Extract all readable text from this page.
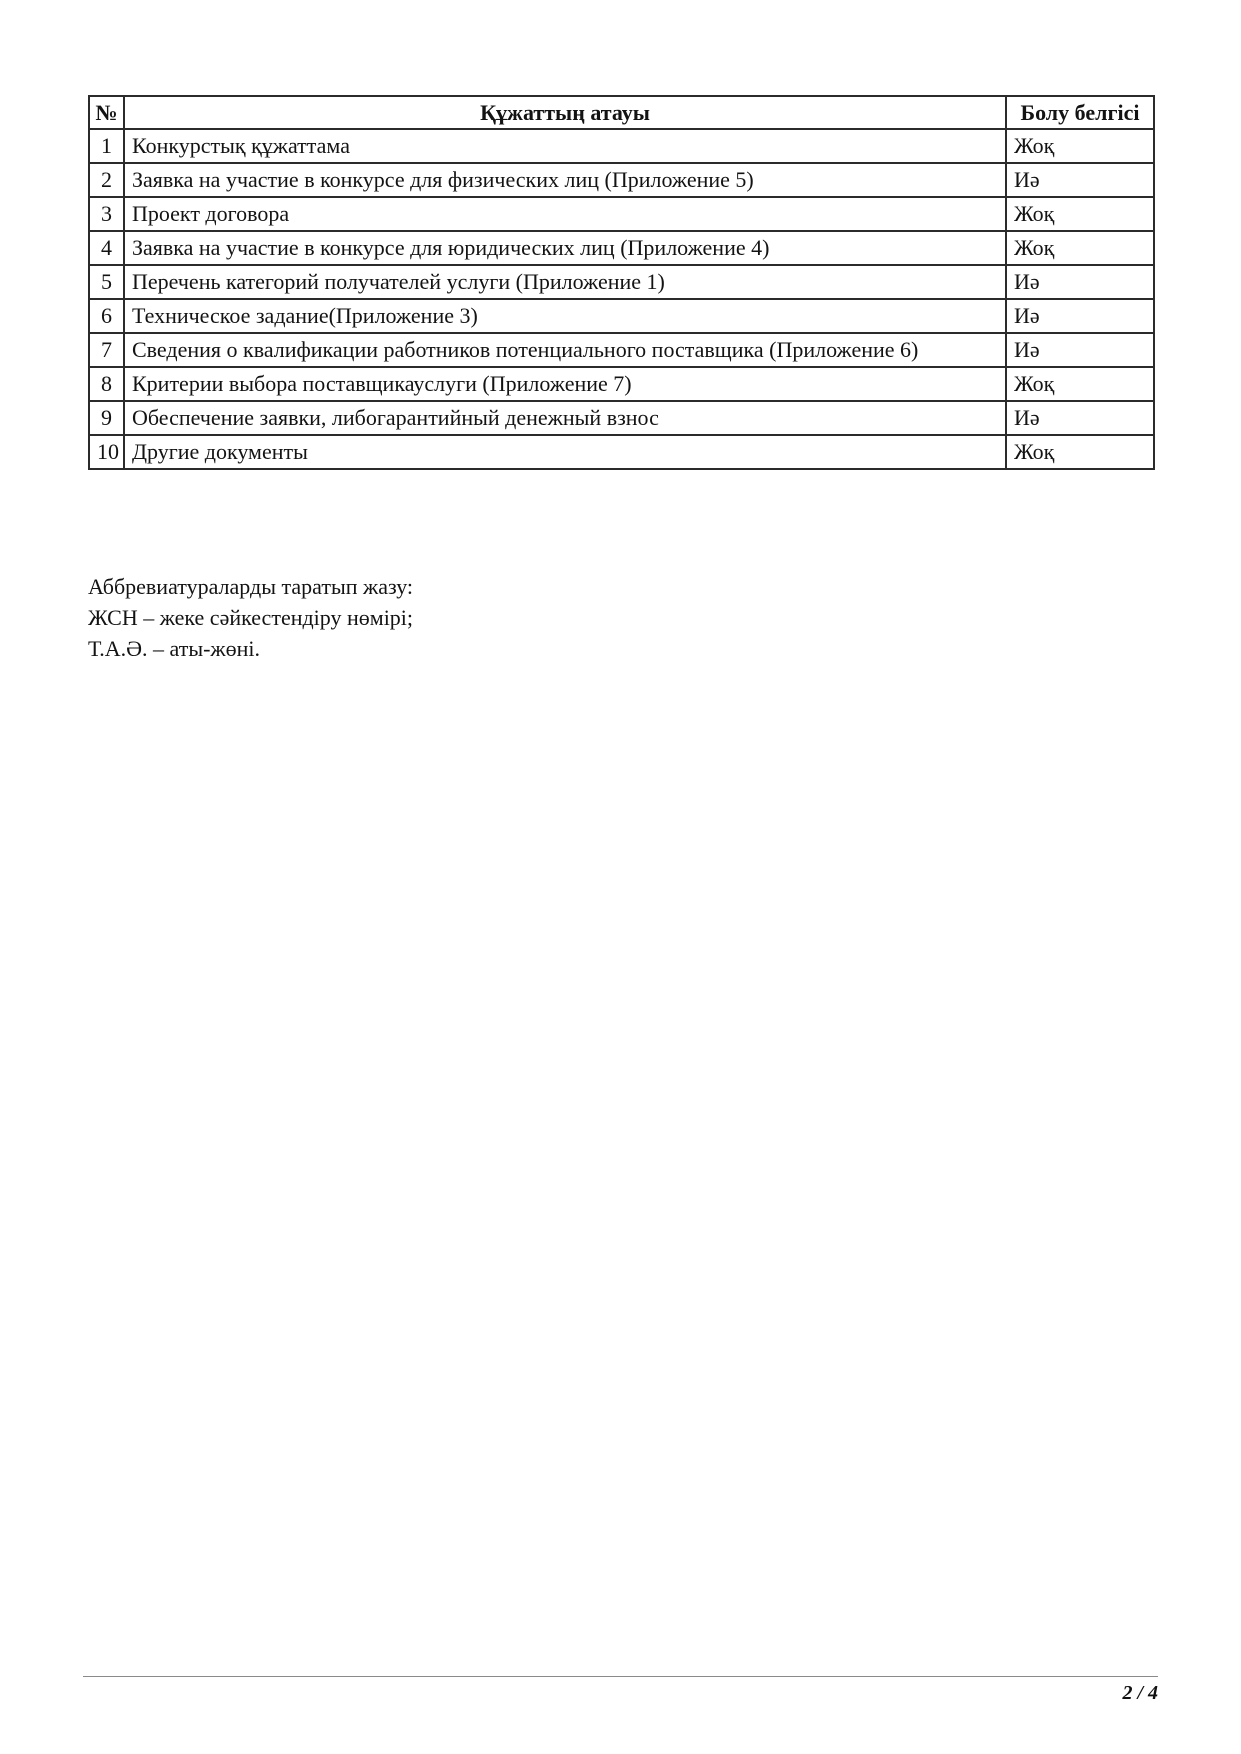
№	Құжаттың атауы	Болу белгісі
1	Конкурстық құжаттама	Жоқ
2	Заявка на участие в конкурсе для физических лиц (Приложение 5)	Иә
3	Проект договора	Жоқ
4	Заявка на участие в конкурсе для юридических лиц (Приложение 4)	Жоқ
5	Перечень категорий получателей услуги (Приложение 1)	Иә
6	Техническое задание(Приложение 3)	Иә
7	Сведения о квалификации работников потенциального поставщика (Приложение 6)	Иә
8	Критерии выбора поставщикауслуги (Приложение 7)	Жоқ
9	Обеспечение заявки, либогарантийный денежный взнос	Иә
10	Другие документы	Жоқ

Аббревиатураларды таратып жазу:

ЖСН – жеке сәйкестендіру нөмірі;

Т.А.Ә. – аты-жөні.

2 / 4
